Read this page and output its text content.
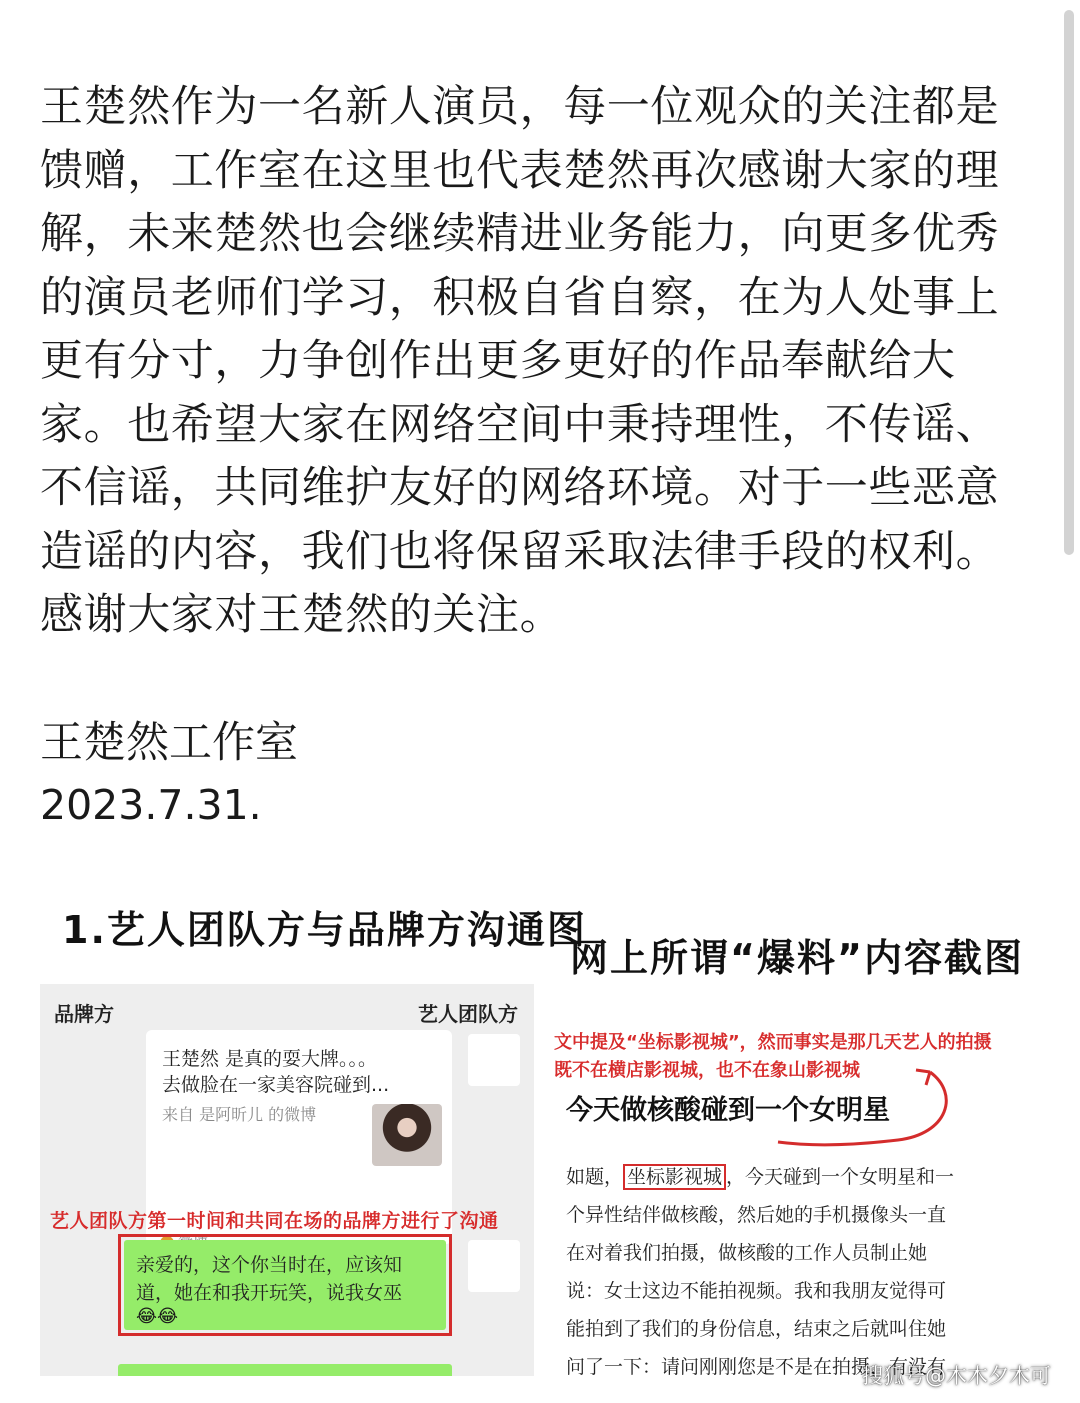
王楚然作为一名新人演员，每一位观众的关注都是

馈赠，工作室在这里也代表楚然再次感谢大家的理

解，未来楚然也会继续精进业务能力，向更多优秀

的演员老师们学习，积极自省自察，在为人处事上

更有分寸，力争创作出更多更好的作品奉献给大

家。也希望大家在网络空间中秉持理性，不传谣、

不信谣，共同维护友好的网络环境。对于一些恶意

造谣的内容，我们也将保留采取法律手段的权利。

感谢大家对王楚然的关注。

王楚然工作室

2023.7.31.

1.艺人团队方与品牌方沟通图
品牌方	艺人团队方
王楚然 是真的耍大牌。。。
去做脸在一家美容院碰到...
来自 是阿昕儿 的微博
艺人团队方第一时间和共同在场的品牌方进行了沟通
亲爱的，这个你当时在，应该知
道，她在和我开玩笑，说我女巫
😂😂
网上所谓“爆料”内容截图
文中提及“坐标影视城”，然而事实是那几天艺人的拍摄
既不在横店影视城，也不在象山影视城
今天做核酸碰到一个女明星

如题， 坐标影视城 ，今天碰到一个女明星和一

个异性结伴做核酸，然后她的手机摄像头一直

在对着我们拍摄，做核酸的工作人员制止她

说：女士这边不能拍视频。我和我朋友觉得可

能拍到了我们的身份信息，结束之后就叫住她

问了一下：请问刚刚您是不是在拍摄，有没有

搜狐号@木木夕木可
